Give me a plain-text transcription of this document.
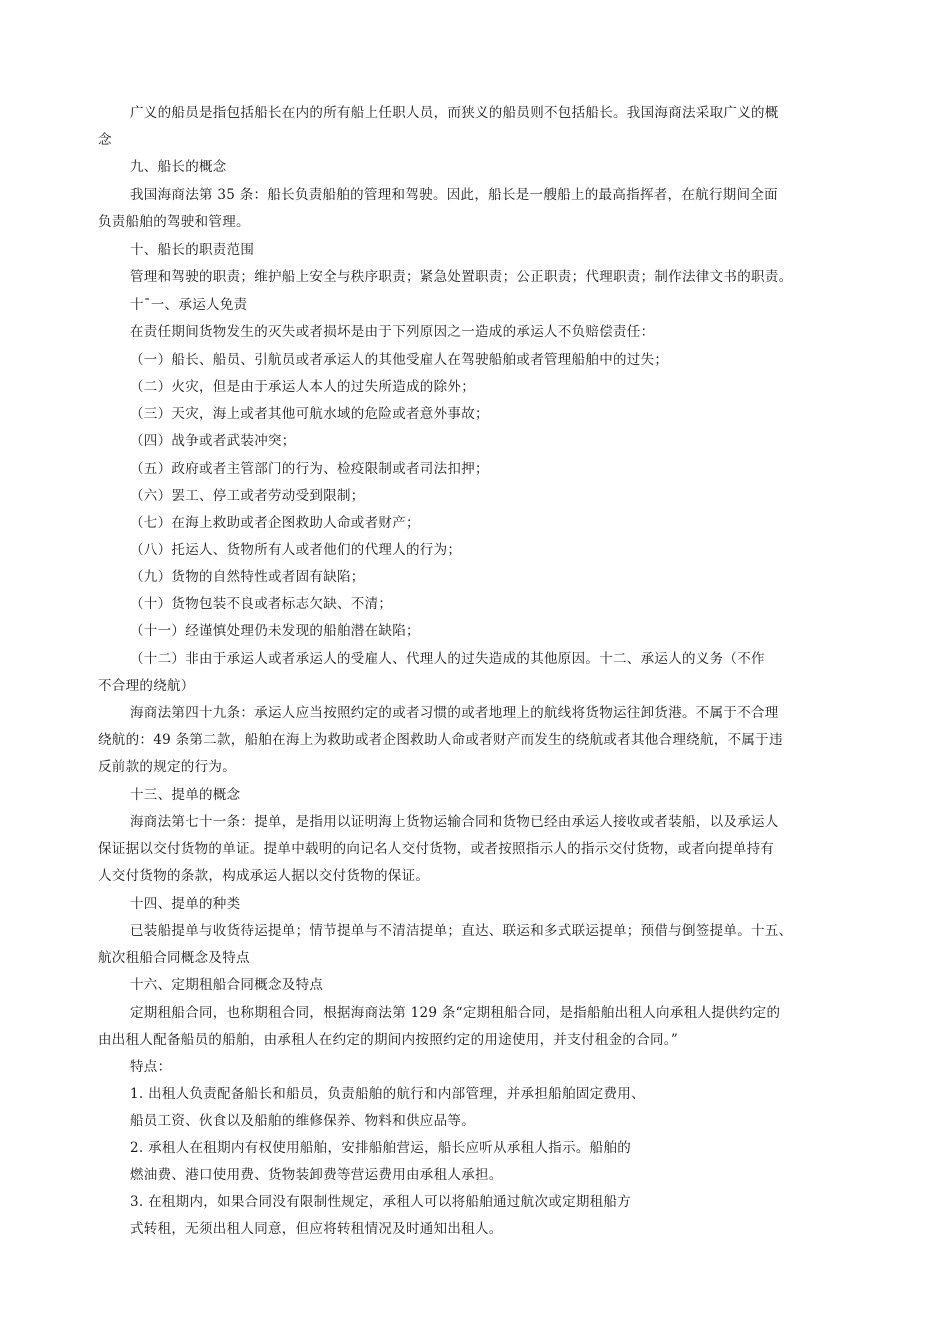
广义的船员是指包括船长在内的所有船上任职人员，而狭义的船员则不包括船长。我国海商法采取广义的概
念
九、船长的概念
我国海商法第 35 条：船长负责船舶的管理和驾驶。因此，船长是一艘船上的最高指挥者，在航行期间全面
负责船舶的驾驶和管理。
十、船长的职责范围
管理和驾驶的职责；维护船上安全与秩序职责；紧急处置职责；公正职责；代理职责；制作法律文书的职责。
十ˉ一、承运人免责
在责任期间货物发生的灭失或者损坏是由于下列原因之一造成的承运人不负赔偿责任：
（一）船长、船员、引航员或者承运人的其他受雇人在驾驶船舶或者管理船舶中的过失；
（二）火灾，但是由于承运人本人的过失所造成的除外；
（三）天灾，海上或者其他可航水域的危险或者意外事故；
（四）战争或者武装冲突；
（五）政府或者主管部门的行为、检疫限制或者司法扣押；
（六）罢工、停工或者劳动受到限制；
（七）在海上救助或者企图救助人命或者财产；
（八）托运人、货物所有人或者他们的代理人的行为；
（九）货物的自然特性或者固有缺陷；
（十）货物包装不良或者标志欠缺、不清；
（十一）经谨慎处理仍未发现的船舶潜在缺陷；
（十二）非由于承运人或者承运人的受雇人、代理人的过失造成的其他原因。十二、承运人的义务（不作
不合理的绕航）
海商法第四十九条：承运人应当按照约定的或者习惯的或者地理上的航线将货物运往卸货港。不属于不合理
绕航的：49 条第二款，船舶在海上为救助或者企图救助人命或者财产而发生的绕航或者其他合理绕航，不属于违
反前款的规定的行为。
十三、提单的概念
海商法第七十一条：提单，是指用以证明海上货物运输合同和货物已经由承运人接收或者装船，以及承运人
保证据以交付货物的单证。提单中载明的向记名人交付货物，或者按照指示人的指示交付货物，或者向提单持有
人交付货物的条款，构成承运人据以交付货物的保证。
十四、提单的种类
已装船提单与收货待运提单；情节提单与不清洁提单；直达、联运和多式联运提单；预借与倒签提单。十五、
航次租船合同概念及特点
十六、定期租船合同概念及特点
定期租船合同，也称期租合同，根据海商法第 129 条“定期租船合同，是指船舶出租人向承租人提供约定的
由出租人配备船员的船舶，由承租人在约定的期间内按照约定的用途使用，并支付租金的合同。”
特点：
1. 出租人负责配备船长和船员，负责船舶的航行和内部管理，并承担船舶固定费用、
船员工资、伙食以及船舶的维修保养、物料和供应品等。
2. 承租人在租期内有权使用船舶，安排船舶营运，船长应听从承租人指示。船舶的
燃油费、港口使用费、货物装卸费等营运费用由承租人承担。
3. 在租期内，如果合同没有限制性规定，承租人可以将船舶通过航次或定期租船方
式转租，无须出租人同意，但应将转租情况及时通知出租人。
